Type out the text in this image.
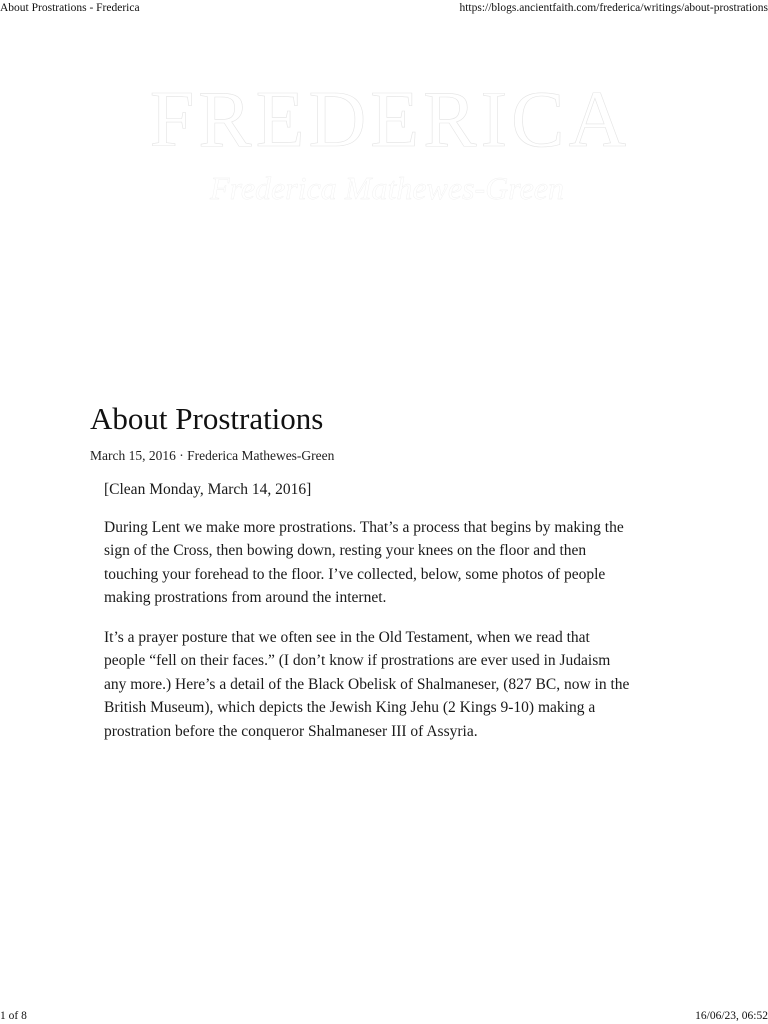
About Prostrations - Frederica	https://blogs.ancientfaith.com/frederica/writings/about-prostrations
FREDERICA
Frederica Mathewes-Green
About Prostrations
March 15, 2016 · Frederica Mathewes-Green

[Clean Monday, March 14, 2016]

During Lent we make more prostrations. That’s a process that begins by making the sign of the Cross, then bowing down, resting your knees on the floor and then touching your forehead to the floor. I’ve collected, below, some photos of people making prostrations from around the internet.

It’s a prayer posture that we often see in the Old Testament, when we read that people “fell on their faces.” (I don’t know if prostrations are ever used in Judaism any more.) Here’s a detail of the Black Obelisk of Shalmaneser, (827 BC, now in the British Museum), which depicts the Jewish King Jehu (2 Kings 9-10) making a prostration before the conqueror Shalmaneser III of Assyria.

1 of 8	16/06/23, 06:52
